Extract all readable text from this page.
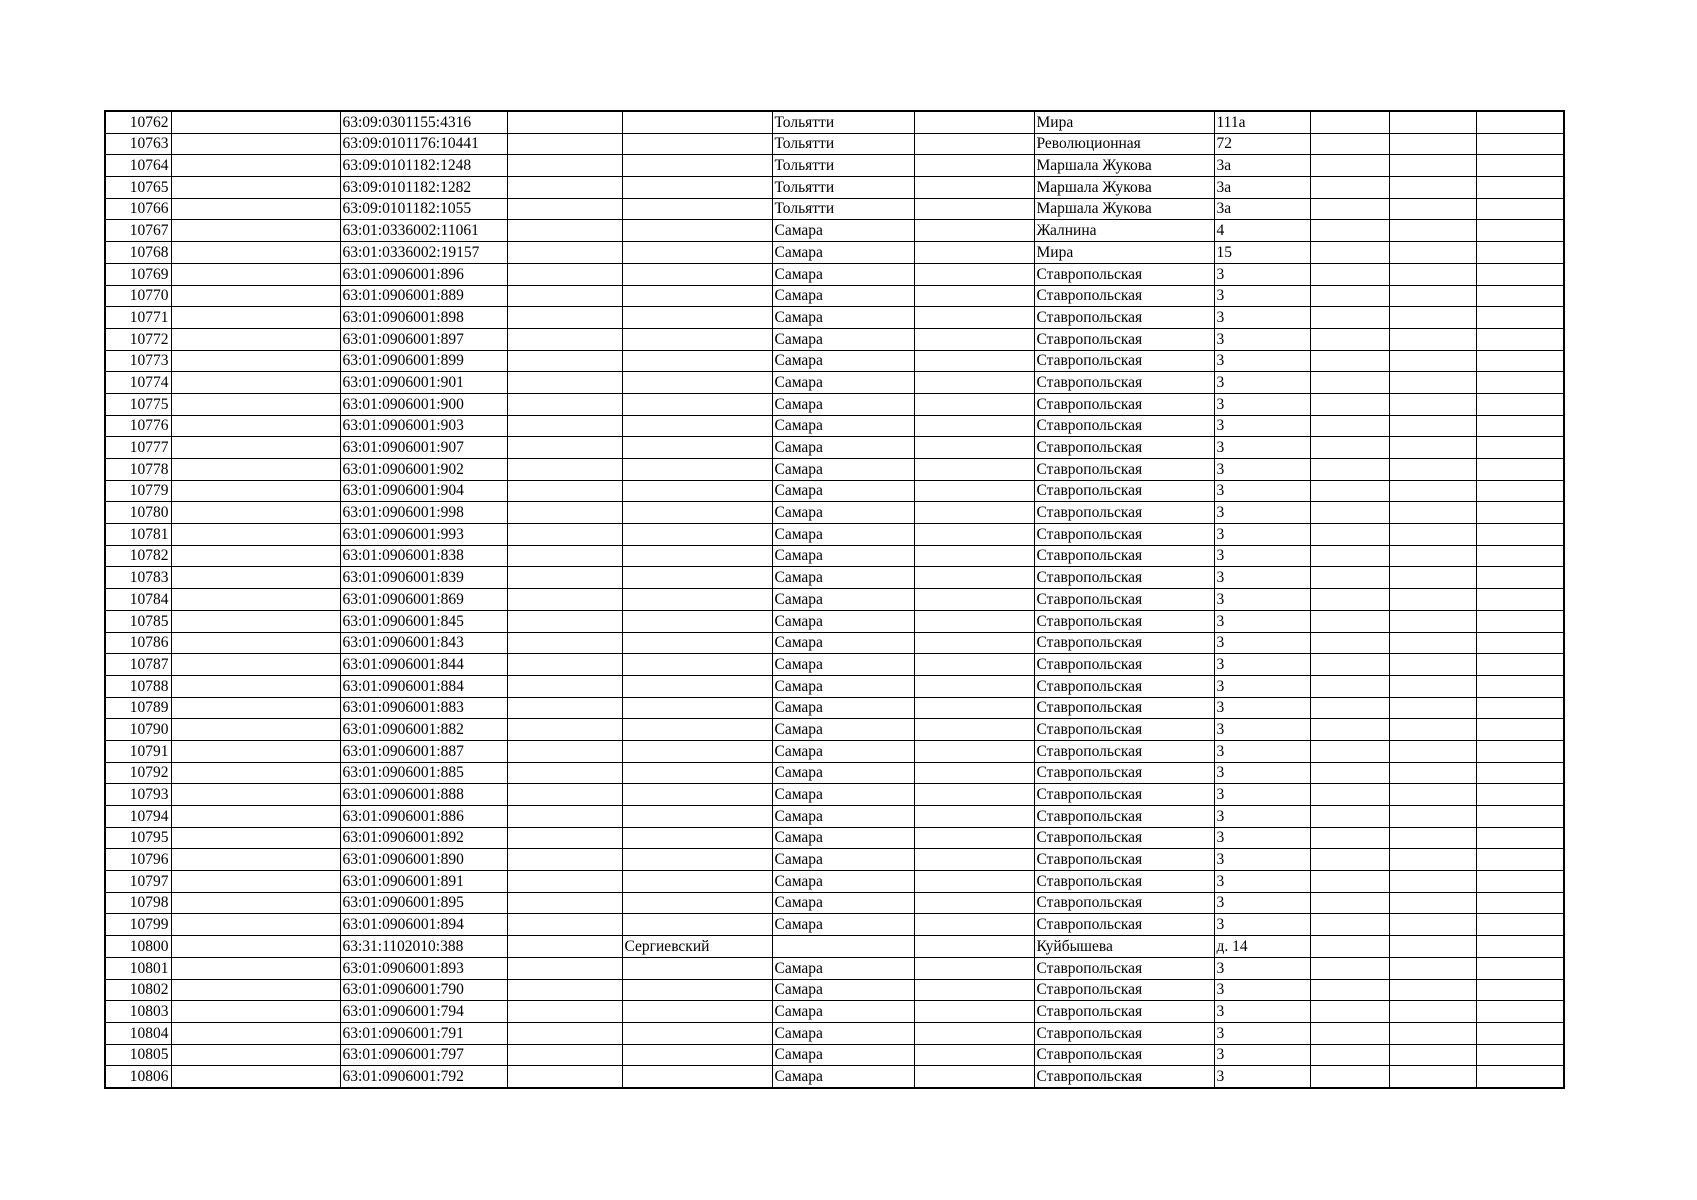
10762		63:09:0301155:4316			Тольятти		Мира	111а			
10763		63:09:0101176:10441			Тольятти		Революционная	72			
10764		63:09:0101182:1248			Тольятти		Маршала Жукова	3а			
10765		63:09:0101182:1282			Тольятти		Маршала Жукова	3а			
10766		63:09:0101182:1055			Тольятти		Маршала Жукова	3а			
10767		63:01:0336002:11061			Самара		Жалнина	4			
10768		63:01:0336002:19157			Самара		Мира	15			
10769		63:01:0906001:896			Самара		Ставропольская	3			
10770		63:01:0906001:889			Самара		Ставропольская	3			
10771		63:01:0906001:898			Самара		Ставропольская	3			
10772		63:01:0906001:897			Самара		Ставропольская	3			
10773		63:01:0906001:899			Самара		Ставропольская	3			
10774		63:01:0906001:901			Самара		Ставропольская	3			
10775		63:01:0906001:900			Самара		Ставропольская	3			
10776		63:01:0906001:903			Самара		Ставропольская	3			
10777		63:01:0906001:907			Самара		Ставропольская	3			
10778		63:01:0906001:902			Самара		Ставропольская	3			
10779		63:01:0906001:904			Самара		Ставропольская	3			
10780		63:01:0906001:998			Самара		Ставропольская	3			
10781		63:01:0906001:993			Самара		Ставропольская	3			
10782		63:01:0906001:838			Самара		Ставропольская	3			
10783		63:01:0906001:839			Самара		Ставропольская	3			
10784		63:01:0906001:869			Самара		Ставропольская	3			
10785		63:01:0906001:845			Самара		Ставропольская	3			
10786		63:01:0906001:843			Самара		Ставропольская	3			
10787		63:01:0906001:844			Самара		Ставропольская	3			
10788		63:01:0906001:884			Самара		Ставропольская	3			
10789		63:01:0906001:883			Самара		Ставропольская	3			
10790		63:01:0906001:882			Самара		Ставропольская	3			
10791		63:01:0906001:887			Самара		Ставропольская	3			
10792		63:01:0906001:885			Самара		Ставропольская	3			
10793		63:01:0906001:888			Самара		Ставропольская	3			
10794		63:01:0906001:886			Самара		Ставропольская	3			
10795		63:01:0906001:892			Самара		Ставропольская	3			
10796		63:01:0906001:890			Самара		Ставропольская	3			
10797		63:01:0906001:891			Самара		Ставропольская	3			
10798		63:01:0906001:895			Самара		Ставропольская	3			
10799		63:01:0906001:894			Самара		Ставропольская	3			
10800		63:31:1102010:388		Сергиевский			Куйбышева	д. 14			
10801		63:01:0906001:893			Самара		Ставропольская	3			
10802		63:01:0906001:790			Самара		Ставропольская	3			
10803		63:01:0906001:794			Самара		Ставропольская	3			
10804		63:01:0906001:791			Самара		Ставропольская	3			
10805		63:01:0906001:797			Самара		Ставропольская	3			
10806		63:01:0906001:792			Самара		Ставропольская	3			
